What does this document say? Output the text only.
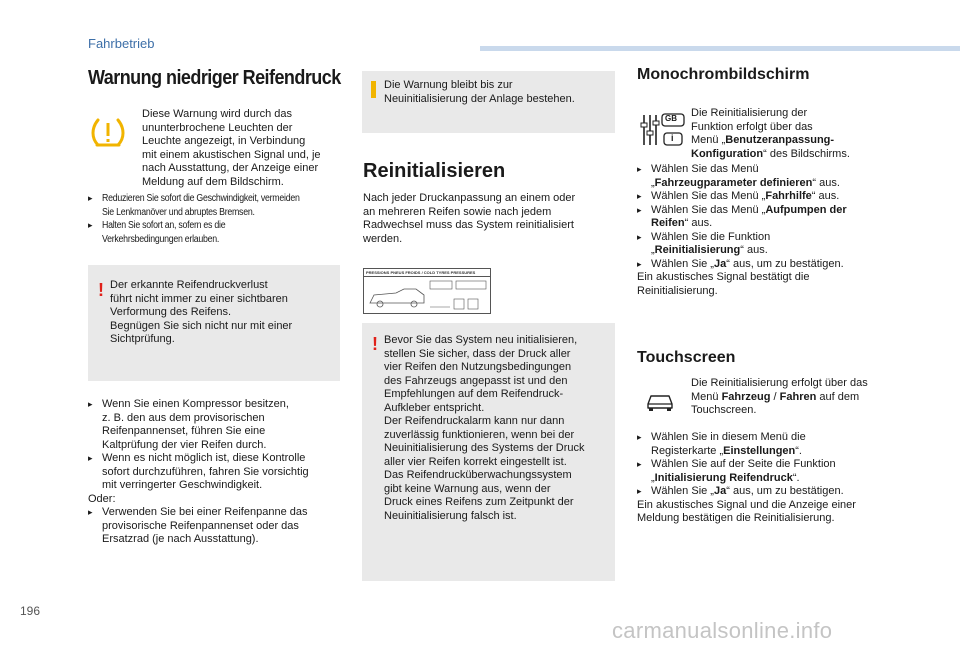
Fahrbetrieb
Warnung niedriger Reifendruck
Diese Warnung wird durch das
ununterbrochene Leuchten der
Leuchte angezeigt, in Verbindung
mit einem akustischen Signal und, je
nach Ausstattung, der Anzeige einer
Meldung auf dem Bildschirm.
▸ Reduzieren Sie sofort die Geschwindigkeit, vermeiden
Sie Lenkmanöver und abruptes Bremsen.
▸ Halten Sie sofort an, sofern es die
Verkehrsbedingungen erlauben.
! Der erkannte Reifendruckverlust
führt nicht immer zu einer sichtbaren
Verformung des Reifens.
Begnügen Sie sich nicht nur mit einer
Sichtprüfung.
▸ Wenn Sie einen Kompressor besitzen,
z. B. den aus dem provisorischen
Reifenpannenset, führen Sie eine
Kaltprüfung der vier Reifen durch.
▸ Wenn es nicht möglich ist, diese Kontrolle
sofort durchzuführen, fahren Sie vorsichtig
mit verringerter Geschwindigkeit.
Oder:
▸ Verwenden Sie bei einer Reifenpanne das
provisorische Reifenpannenset oder das
Ersatzrad (je nach Ausstattung).
Die Warnung bleibt bis zur
Neuinitialisierung der Anlage bestehen.
Reinitialisieren
Nach jeder Druckanpassung an einem oder
an mehreren Reifen sowie nach jedem
Radwechsel muss das System reinitialisiert
werden.
PRESSIONS PNEUS FROIDS / COLD TYRES PRESSURES
! Bevor Sie das System neu initialisieren,
stellen Sie sicher, dass der Druck aller
vier Reifen den Nutzungsbedingungen
des Fahrzeugs angepasst ist und den
Empfehlungen auf dem Reifendruck-
Aufkleber entspricht.
Der Reifendruckalarm kann nur dann
zuverlässig funktionieren, wenn bei der
Neuinitialisierung des Systems der Druck
aller vier Reifen korrekt eingestellt ist.
Das Reifendrucküberwachungssystem
gibt keine Warnung aus, wenn der
Druck eines Reifens zum Zeitpunkt der
Neuinitialisierung falsch ist.
Monochrombildschirm
GB
i
Die Reinitialisierung der
Funktion erfolgt über das
Menü „Benutzeranpassung-
Konfiguration“ des Bildschirms.
▸ Wählen Sie das Menü
„Fahrzeugparameter definieren“ aus.
▸ Wählen Sie das Menü „Fahrhilfe“ aus.
▸ Wählen Sie das Menü „Aufpumpen der
Reifen“ aus.
▸ Wählen Sie die Funktion
„Reinitialisierung“ aus.
▸ Wählen Sie „Ja“ aus, um zu bestätigen.
Ein akustisches Signal bestätigt die
Reinitialisierung.
Touchscreen
Die Reinitialisierung erfolgt über das
Menü Fahrzeug / Fahren auf dem
Touchscreen.
▸ Wählen Sie in diesem Menü die
Registerkarte „Einstellungen“.
▸ Wählen Sie auf der Seite die Funktion
„Initialisierung Reifendruck“.
▸ Wählen Sie „Ja“ aus, um zu bestätigen.
Ein akustisches Signal und die Anzeige einer
Meldung bestätigen die Reinitialisierung.
196
carmanualsonline.info
